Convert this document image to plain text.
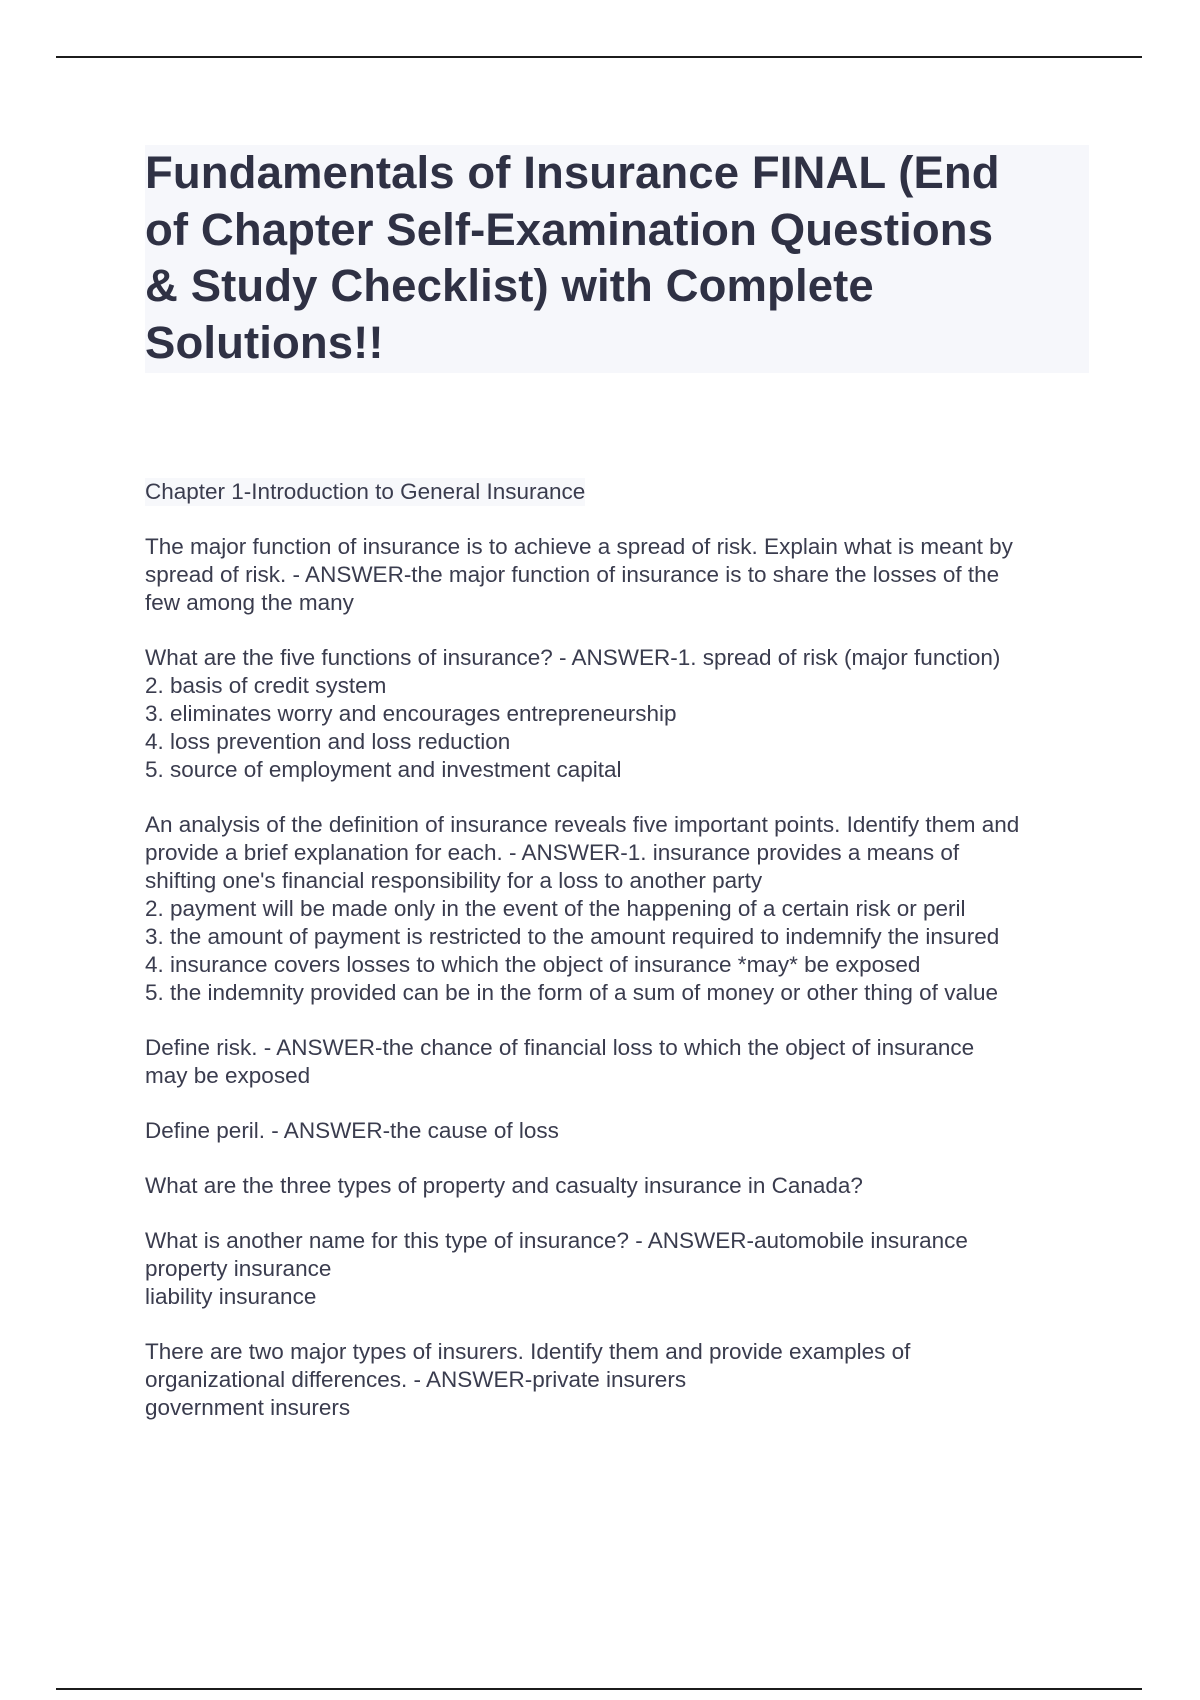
Fundamentals of Insurance FINAL (End
of Chapter Self-Examination Questions
& Study Checklist) with Complete
Solutions!!

Chapter 1-Introduction to General Insurance

The major function of insurance is to achieve a spread of risk. Explain what is meant by
spread of risk. - ANSWER-the major function of insurance is to share the losses of the
few among the many
What are the five functions of insurance? - ANSWER-1. spread of risk (major function)
2. basis of credit system
3. eliminates worry and encourages entrepreneurship
4. loss prevention and loss reduction
5. source of employment and investment capital
An analysis of the definition of insurance reveals five important points. Identify them and
provide a brief explanation for each. - ANSWER-1. insurance provides a means of
shifting one's financial responsibility for a loss to another party
2. payment will be made only in the event of the happening of a certain risk or peril
3. the amount of payment is restricted to the amount required to indemnify the insured
4. insurance covers losses to which the object of insurance *may* be exposed
5. the indemnity provided can be in the form of a sum of money or other thing of value
Define risk. - ANSWER-the chance of financial loss to which the object of insurance
may be exposed
Define peril. - ANSWER-the cause of loss
What are the three types of property and casualty insurance in Canada?
What is another name for this type of insurance? - ANSWER-automobile insurance
property insurance
liability insurance
There are two major types of insurers. Identify them and provide examples of
organizational differences. - ANSWER-private insurers
government insurers
